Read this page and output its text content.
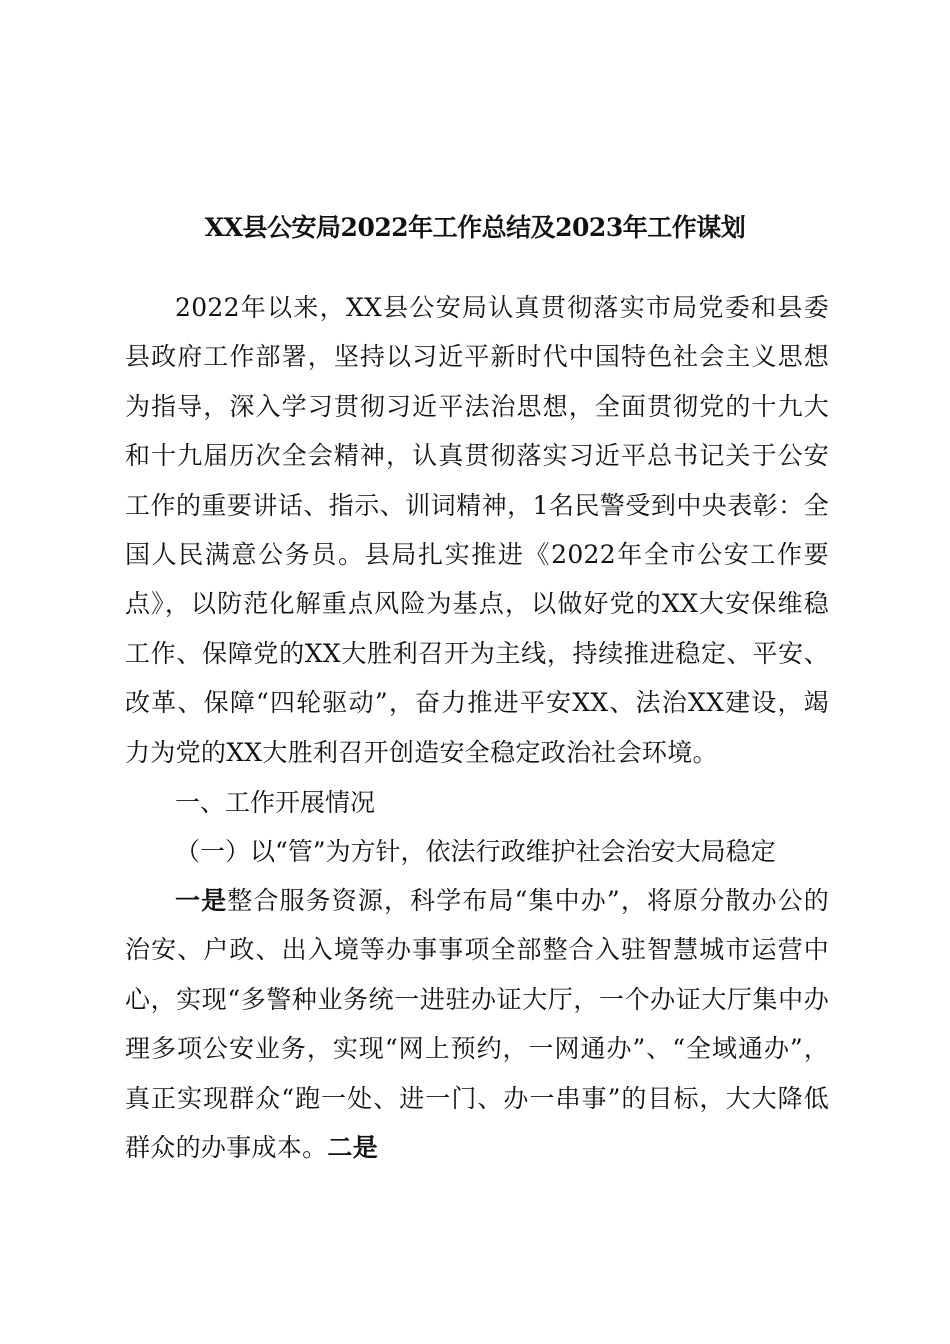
XX县公安局2022年工作总结及2023年工作谋划

2022年以来，XX县公安局认真贯彻落实市局党委和县委县政府工作部署，坚持以习近平新时代中国特色社会主义思想为指导，深入学习贯彻习近平法治思想，全面贯彻党的十九大和十九届历次全会精神，认真贯彻落实习近平总书记关于公安工作的重要讲话、指示、训词精神，1名民警受到中央表彰：全国人民满意公务员。县局扎实推进《2022年全市公安工作要点》，以防范化解重点风险为基点，以做好党的XX大安保维稳工作、保障党的XX大胜利召开为主线，持续推进稳定、平安、改革、保障“四轮驱动”，奋力推进平安XX、法治XX建设，竭力为党的XX大胜利召开创造安全稳定政治社会环境。

一、工作开展情况
（一）以“管”为方针，依法行政维护社会治安大局稳定

一是整合服务资源，科学布局“集中办”，将原分散办公的治安、户政、出入境等办事事项全部整合入驻智慧城市运营中心，实现“多警种业务统一进驻办证大厅，一个办证大厅集中办理多项公安业务，实现“网上预约，一网通办”、“全域通办”，真正实现群众“跑一处、进一门、办一串事”的目标，大大降低群众的办事成本。二是
